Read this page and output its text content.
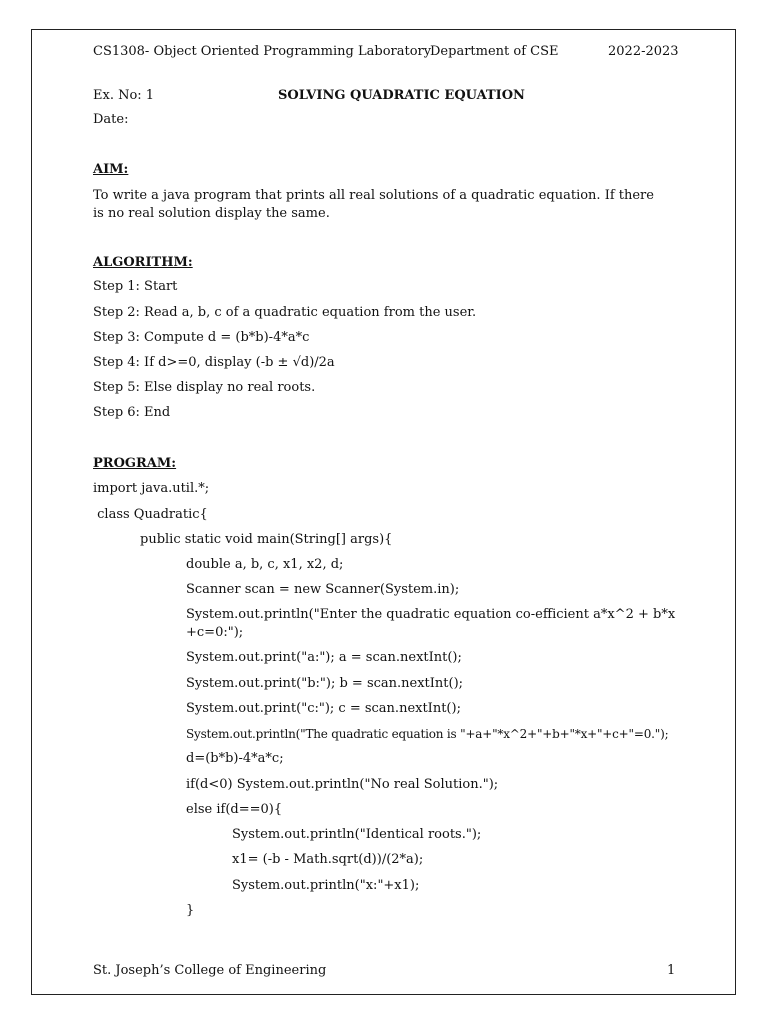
CS1308- Object Oriented Programming Laboratory
Department of CSE	2022-2023
Ex. No: 1	SOLVING QUADRATIC EQUATION
Date:
AIM:
To write a java program that prints all real solutions of a quadratic equation. If there is no real solution display the same.
ALGORITHM:
Step 1: Start
Step 2: Read a, b, c of a quadratic equation from the user.
Step 3: Compute d = (b*b)-4*a*c
Step 4: If d>=0, display (-b ± √d)/2a
Step 5: Else display no real roots.
Step 6: End
PROGRAM:
import java.util.*;
class Quadratic{
public static void main(String[] args){
double a, b, c, x1, x2, d;
Scanner scan = new Scanner(System.in);
System.out.println("Enter the quadratic equation co-efficient a*x^2 + b*x
+c=0:");
System.out.print("a:"); a = scan.nextInt();
System.out.print("b:"); b = scan.nextInt();
System.out.print("c:"); c = scan.nextInt();
System.out.println("The quadratic equation is "+a+"*x^2+"+b+"*x+"+c+"=0.");
d=(b*b)-4*a*c;
if(d<0) System.out.println("No real Solution.");
else if(d==0){
System.out.println("Identical roots.");
x1= (-b - Math.sqrt(d))/(2*a);
System.out.println("x:"+x1);
}
St. Joseph’s College of Engineering	1
